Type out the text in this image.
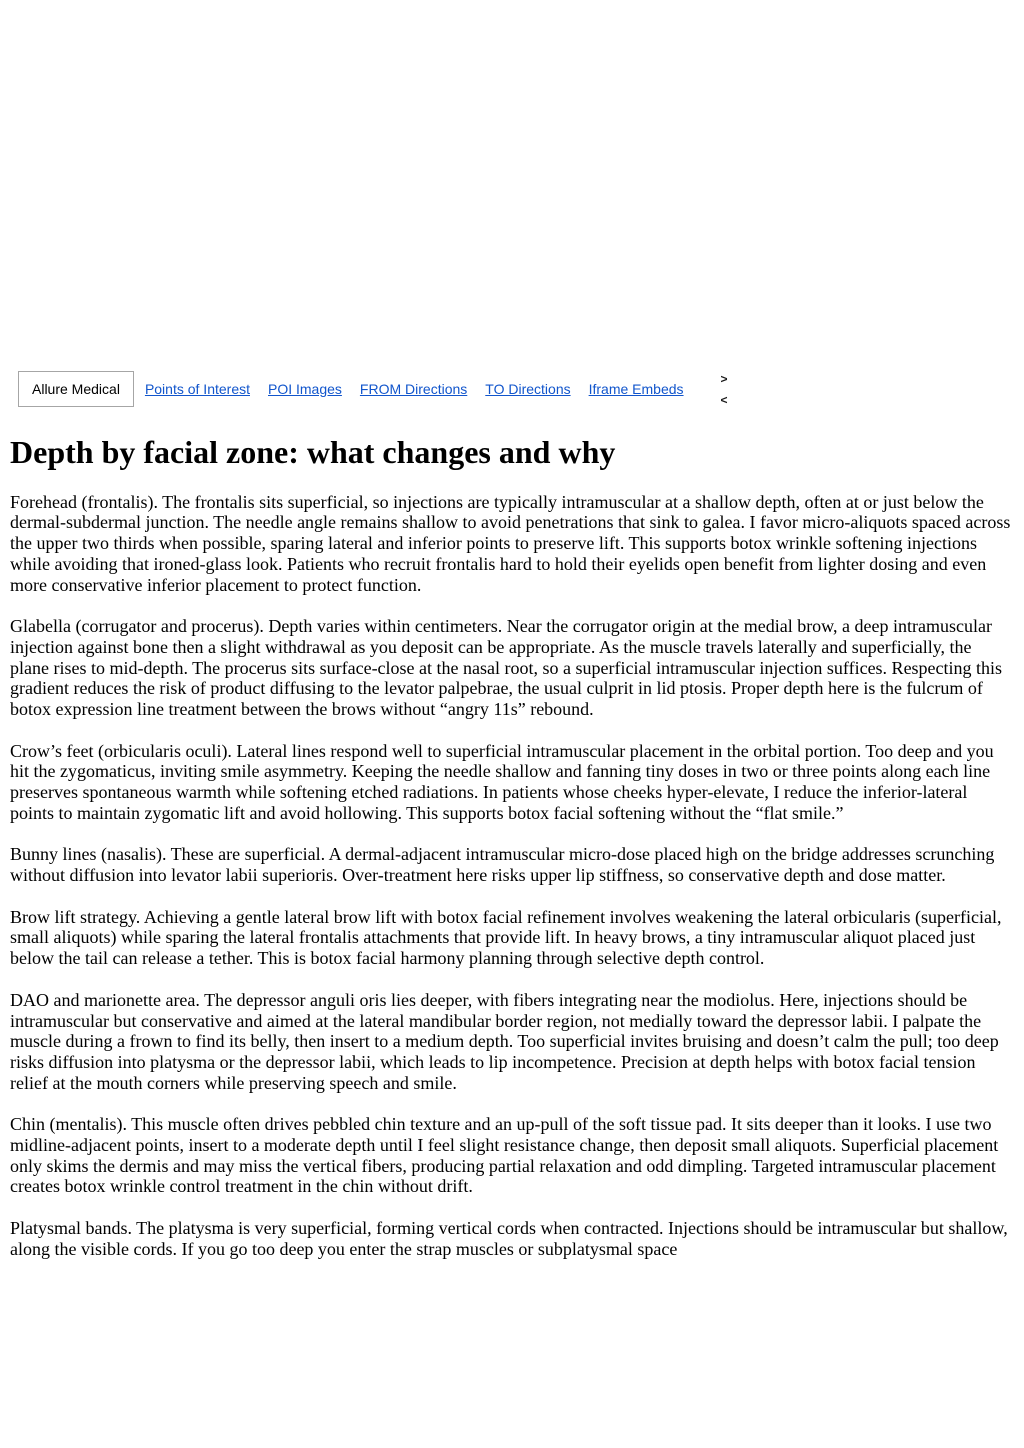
Allure Medical	Points of Interest POI Images FROM Directions TO Directions Iframe Embeds
>
<
Depth by facial zone: what changes and why

Forehead (frontalis). The frontalis sits superficial, so injections are typically intramuscular at a shallow depth, often at or just below the dermal-subdermal junction. The needle angle remains shallow to avoid penetrations that sink to galea. I favor micro-aliquots spaced across the upper two thirds when possible, sparing lateral and inferior points to preserve lift. This supports botox wrinkle softening injections while avoiding that ironed-glass look. Patients who recruit frontalis hard to hold their eyelids open benefit from lighter dosing and even more conservative inferior placement to protect function.

Glabella (corrugator and procerus). Depth varies within centimeters. Near the corrugator origin at the medial brow, a deep intramuscular injection against bone then a slight withdrawal as you deposit can be appropriate. As the muscle travels laterally and superficially, the plane rises to mid-depth. The procerus sits surface-close at the nasal root, so a superficial intramuscular injection suffices. Respecting this gradient reduces the risk of product diffusing to the levator palpebrae, the usual culprit in lid ptosis. Proper depth here is the fulcrum of botox expression line treatment between the brows without “angry 11s” rebound.

Crow’s feet (orbicularis oculi). Lateral lines respond well to superficial intramuscular placement in the orbital portion. Too deep and you hit the zygomaticus, inviting smile asymmetry. Keeping the needle shallow and fanning tiny doses in two or three points along each line preserves spontaneous warmth while softening etched radiations. In patients whose cheeks hyper-elevate, I reduce the inferior-lateral points to maintain zygomatic lift and avoid hollowing. This supports botox facial softening without the “flat smile.”

Bunny lines (nasalis). These are superficial. A dermal-adjacent intramuscular micro-dose placed high on the bridge addresses scrunching without diffusion into levator labii superioris. Over-treatment here risks upper lip stiffness, so conservative depth and dose matter.

Brow lift strategy. Achieving a gentle lateral brow lift with botox facial refinement involves weakening the lateral orbicularis (superficial, small aliquots) while sparing the lateral frontalis attachments that provide lift. In heavy brows, a tiny intramuscular aliquot placed just below the tail can release a tether. This is botox facial harmony planning through selective depth control.

DAO and marionette area. The depressor anguli oris lies deeper, with fibers integrating near the modiolus. Here, injections should be intramuscular but conservative and aimed at the lateral mandibular border region, not medially toward the depressor labii. I palpate the muscle during a frown to find its belly, then insert to a medium depth. Too superficial invites bruising and doesn’t calm the pull; too deep risks diffusion into platysma or the depressor labii, which leads to lip incompetence. Precision at depth helps with botox facial tension relief at the mouth corners while preserving speech and smile.

Chin (mentalis). This muscle often drives pebbled chin texture and an up-pull of the soft tissue pad. It sits deeper than it looks. I use two midline-adjacent points, insert to a moderate depth until I feel slight resistance change, then deposit small aliquots. Superficial placement only skims the dermis and may miss the vertical fibers, producing partial relaxation and odd dimpling. Targeted intramuscular placement creates botox wrinkle control treatment in the chin without drift.

Platysmal bands. The platysma is very superficial, forming vertical cords when contracted. Injections should be intramuscular but shallow, along the visible cords. If you go too deep you enter the strap muscles or subplatysmal space
